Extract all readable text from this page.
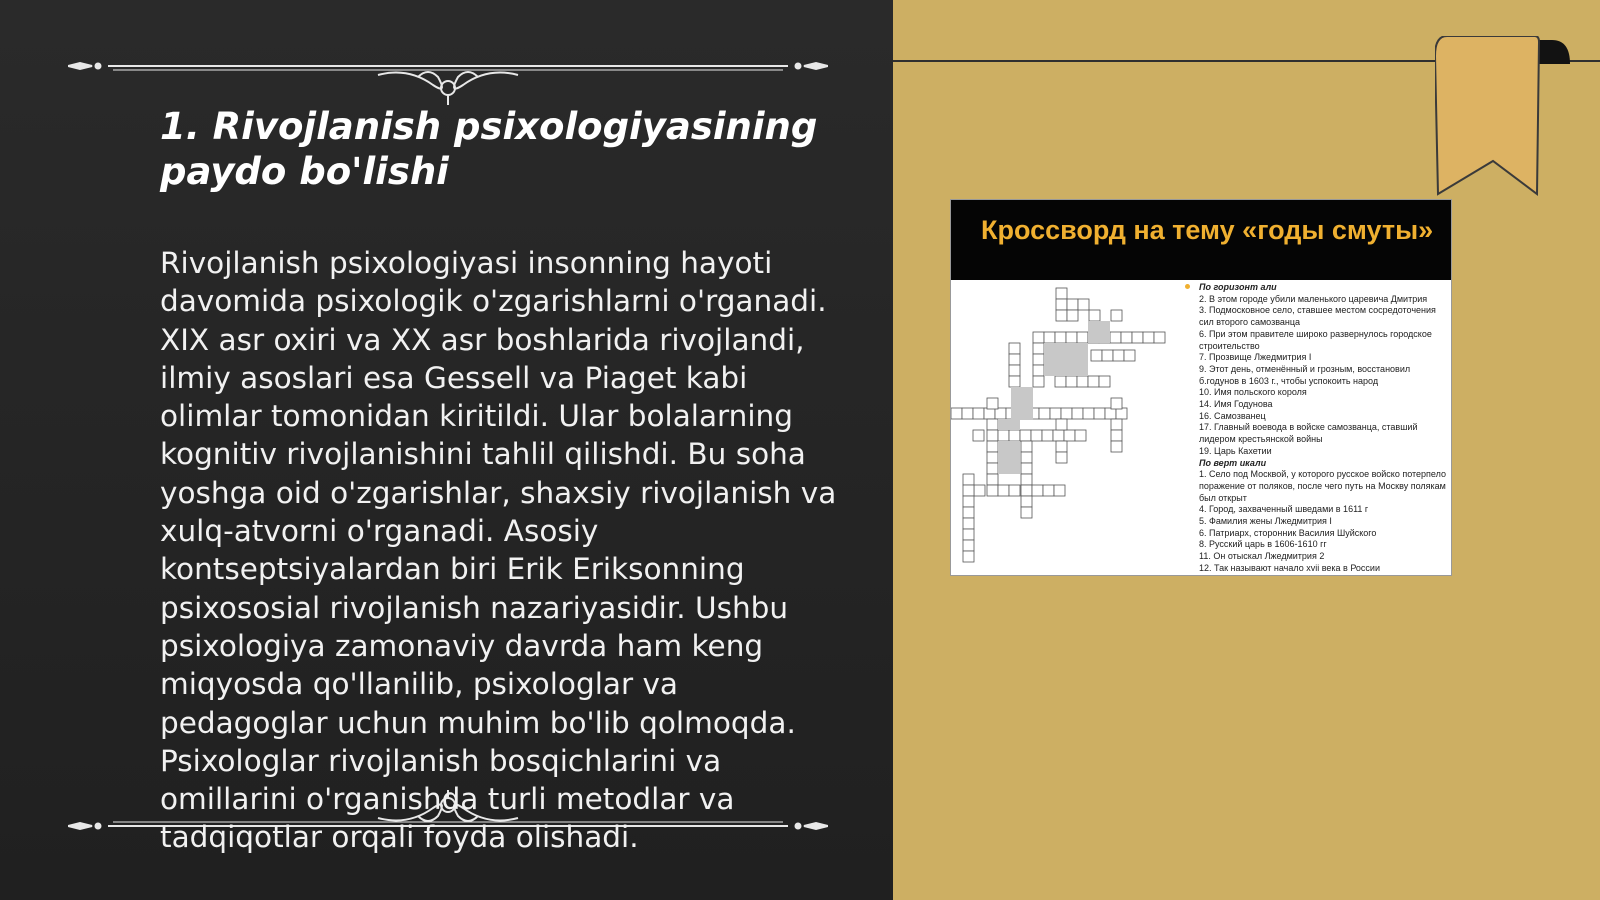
1. Rivojlanish psixologiyasining paydo bo'lishi

Rivojlanish psixologiyasi insonning hayoti davomida psixologik o'zgarishlarni o'rganadi. XIX asr oxiri va XX asr boshlarida rivojlandi, ilmiy asoslari esa Gessell va Piaget kabi olimlar tomonidan kiritildi. Ular bolalarning kognitiv rivojlanishini tahlil qilishdi. Bu soha yoshga oid o'zgarishlar, shaxsiy rivojlanish va xulq-atvorni o'rganadi. Asosiy kontseptsiyalardan biri Erik Eriksonning psixososial rivojlanish nazariyasidir. Ushbu psixologiya zamonaviy davrda ham keng miqyosda qo'llanilib, psixologlar va pedagoglar uchun muhim bo'lib qolmoqda. Psixologlar rivojlanish bosqichlarini va omillarini o'rganishda turli metodlar va tadqiqotlar orqali foyda olishadi.

Кроссворд на тему «годы смуты»
По горизонт али
2. В этом городе убили маленького царевича Дмитрия
3. Подмосковное село, ставшее местом сосредоточения сил второго самозванца
6. При этом правителе широко развернулось городское строительство
7. Прозвище Лжедмитрия I
9. Этот день, отменённый и грозным, восстановил б.годунов в 1603 г., чтобы успокоить народ
10. Имя польского короля
14. Имя Годунова
16. Самозванец
17. Главный воевода в войске самозванца, ставший лидером крестьянской войны
19. Царь Кахетии
По верт икали
1. Село под Москвой, у которого русское войско потерпело поражение от поляков, после чего путь на Москву полякам был открыт
4. Город, захваченный шведами в 1611 г
5. Фамилия жены Лжедмитрия I
6. Патриарх, сторонник Василия Шуйского
8. Русский царь в 1606-1610 гг
11. Он отыскал Лжедмитрия 2
12. Так называют начало xvii века в России
